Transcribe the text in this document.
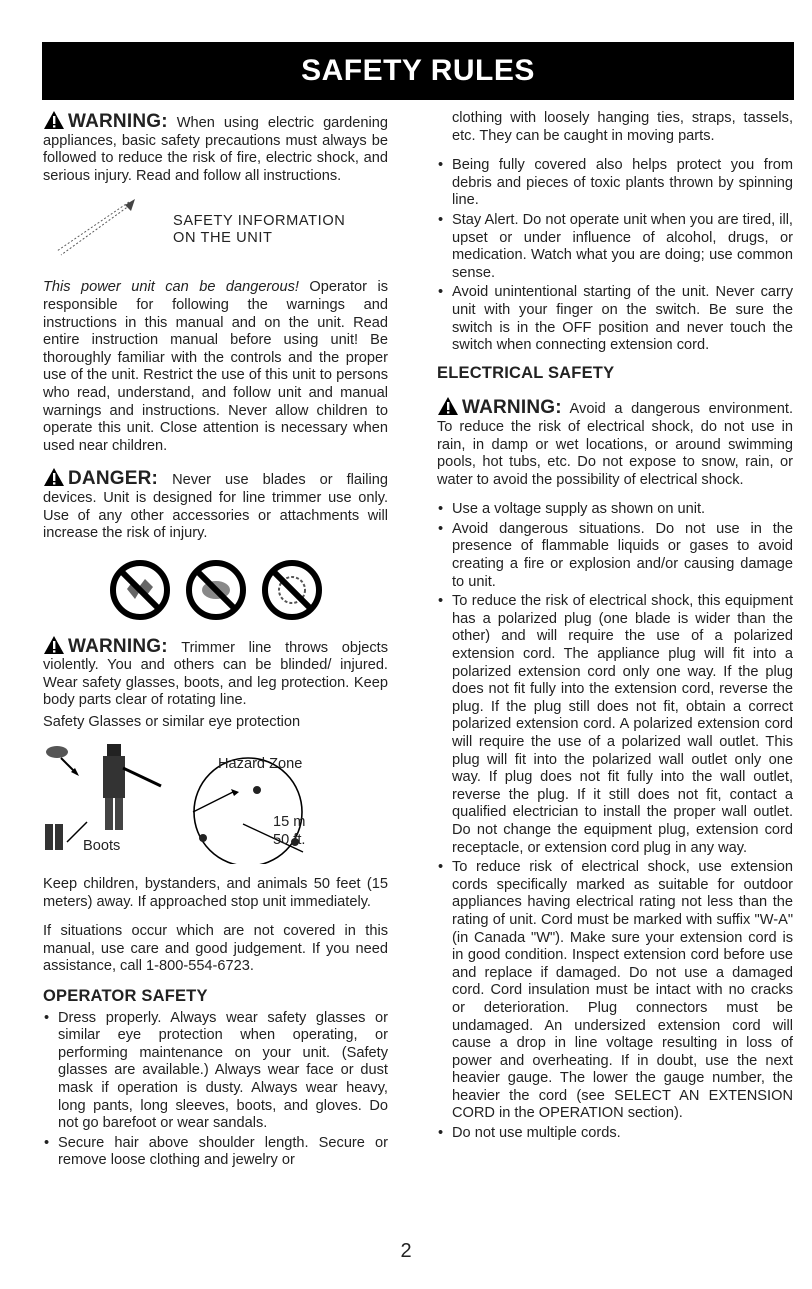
SAFETY RULES

WARNING: When using electric gardening appliances, basic safety precautions must always be followed to reduce the risk of fire, electric shock, and serious injury. Read and follow all instructions.

SAFETY INFORMATION
ON THE UNIT

This power unit can be dangerous! Operator is responsible for following the warnings and instructions in this manual and on the unit. Read entire instruction manual before using unit! Be thoroughly familiar with the controls and the proper use of the unit. Restrict the use of this unit to persons who read, understand, and follow unit and manual warnings and instructions. Never allow children to operate this unit. Close attention is necessary when used near children.

DANGER: Never use blades or flailing devices. Unit is designed for line trimmer use only. Use of any other accessories or attachments will increase the risk of injury.

WARNING: Trimmer line throws objects violently. You and others can be blinded/ injured. Wear safety glasses, boots, and leg protection. Keep body parts clear of rotating line.

Safety Glasses or similar eye protection
Hazard Zone
15 m
50 ft.
Boots

Keep children, bystanders, and animals 50 feet (15 meters) away. If approached stop unit immediately.

If situations occur which are not covered in this manual, use care and good judgement. If you need assistance, call 1-800-554-6723.

OPERATOR SAFETY
• Dress properly. Always wear safety glasses or similar eye protection when operating, or performing maintenance on your unit. (Safety glasses are available.) Always wear face or dust mask if operation is dusty. Always wear heavy, long pants, long sleeves, boots, and gloves. Do not go barefoot or wear sandals.
• Secure hair above shoulder length. Secure or remove loose clothing and jewelry or

clothing with loosely hanging ties, straps, tassels, etc. They can be caught in moving parts.

• Being fully covered also helps protect you from debris and pieces of toxic plants thrown by spinning line.
• Stay Alert. Do not operate unit when you are tired, ill, upset or under influence of alcohol, drugs, or medication. Watch what you are doing; use common sense.
• Avoid unintentional starting of the unit. Never carry unit with your finger on the switch. Be sure the switch is in the OFF position and never touch the switch when connecting extension cord.
ELECTRICAL SAFETY

WARNING: Avoid a dangerous environment. To reduce the risk of electrical shock, do not use in rain, in damp or wet locations, or around swimming pools, hot tubs, etc. Do not expose to snow, rain, or water to avoid the possibility of electrical shock.

• Use a voltage supply as shown on unit.
• Avoid dangerous situations. Do not use in the presence of flammable liquids or gases to avoid creating a fire or explosion and/or causing damage to unit.
• To reduce the risk of electrical shock, this equipment has a polarized plug (one blade is wider than the other) and will require the use of a polarized extension cord. The appliance plug will fit into a polarized extension cord only one way. If the plug does not fit fully into the extension cord, reverse the plug. If the plug still does not fit, obtain a correct polarized extension cord. A polarized extension cord will require the use of a polarized wall outlet. This plug will fit into the polarized wall outlet only one way. If plug does not fit fully into the wall outlet, reverse the plug. If it still does not fit, contact a qualified electrician to install the proper wall outlet. Do not change the equipment plug, extension cord receptacle, or extension cord plug in any way.
• To reduce risk of electrical shock, use extension cords specifically marked as suitable for outdoor appliances having electrical rating not less than the rating of unit. Cord must be marked with suffix "W-A" (in Canada "W"). Make sure your extension cord is in good condition. Inspect extension cord before use and replace if damaged. Do not use a damaged cord. Cord insulation must be intact with no cracks or deterioration. Plug connectors must be undamaged. An undersized extension cord will cause a drop in line voltage resulting in loss of power and overheating. If in doubt, use the next heavier gauge. The lower the gauge number, the heavier the cord (see SELECT AN EXTENSION CORD in the OPERATION section).
• Do not use multiple cords.
2
